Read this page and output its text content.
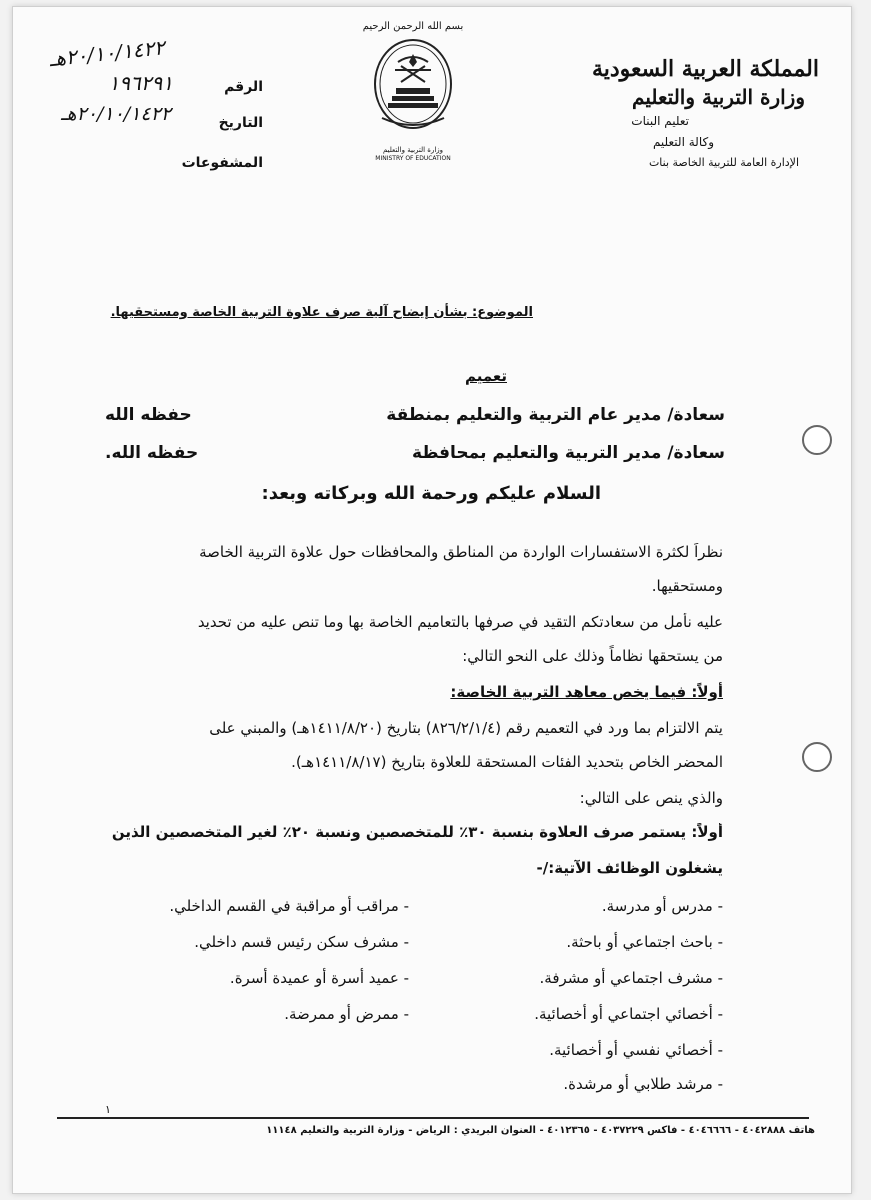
المملكة العربية السعودية
وزارة التربية والتعليم
تعليم البنات
وكالة التعليم
الإدارة العامة للتربية الخاصة بنات
بسم الله الرحمن الرحيم
وزارة التربية والتعليم
MINISTRY OF EDUCATION
الرقم
١٩٦٢٩١
التاريخ
٢٠/١٠/١٤٢٢هـ
المشفوعات
٢٠/١٠/١٤٢٢هـ
الموضوع: بشأن إيضاح آلية صرف علاوة التربية الخاصة ومستحقيها.
تعميم
سعادة/ مدير عام التربية والتعليم بمنطقة
حفظه الله
سعادة/ مدير التربية والتعليم بمحافظة
حفظه الله.
السلام عليكم ورحمة الله وبركاته وبعد:
نظراً لكثرة الاستفسارات الواردة من المناطق والمحافظات حول علاوة التربية الخاصة
ومستحقيها.
عليه نأمل من سعادتكم التقيد في صرفها بالتعاميم الخاصة بها وما تنص عليه من تحديد
من يستحقها نظاماً وذلك على النحو التالي:
أولاً: فيما يخص معاهد التربية الخاصة:
يتم الالتزام بما ورد في التعميم رقم (٨٢٦/٢/١/٤) بتاريخ (١٤١١/٨/٢٠هـ) والمبني على
المحضر الخاص بتحديد الفئات المستحقة للعلاوة بتاريخ (١٤١١/٨/١٧هـ).
والذي ينص على التالي:
أولاً: يستمر صرف العلاوة بنسبة ٣٠٪ للمتخصصين ونسبة ٢٠٪ لغير المتخصصين الذين
يشغلون الوظائف الآتية:/-
- مدرس أو مدرسة.
- باحث اجتماعي أو باحثة.
- مشرف اجتماعي أو مشرفة.
- أخصائي اجتماعي أو أخصائية.
- أخصائي نفسي أو أخصائية.
- مرشد طلابي أو مرشدة.
- مراقب أو مراقبة في القسم الداخلي.
- مشرف سكن رئيس قسم داخلي.
- عميد أسرة أو عميدة أسرة.
- ممرض أو ممرضة.
١
هاتف ٤٠٤٢٨٨٨ - ٤٠٤٦٦٦٦ - فاكس ٤٠٣٧٢٢٩ - ٤٠١٢٣٦٥ - العنوان البريدي : الرياض - وزارة التربية والتعليم ١١١٤٨
